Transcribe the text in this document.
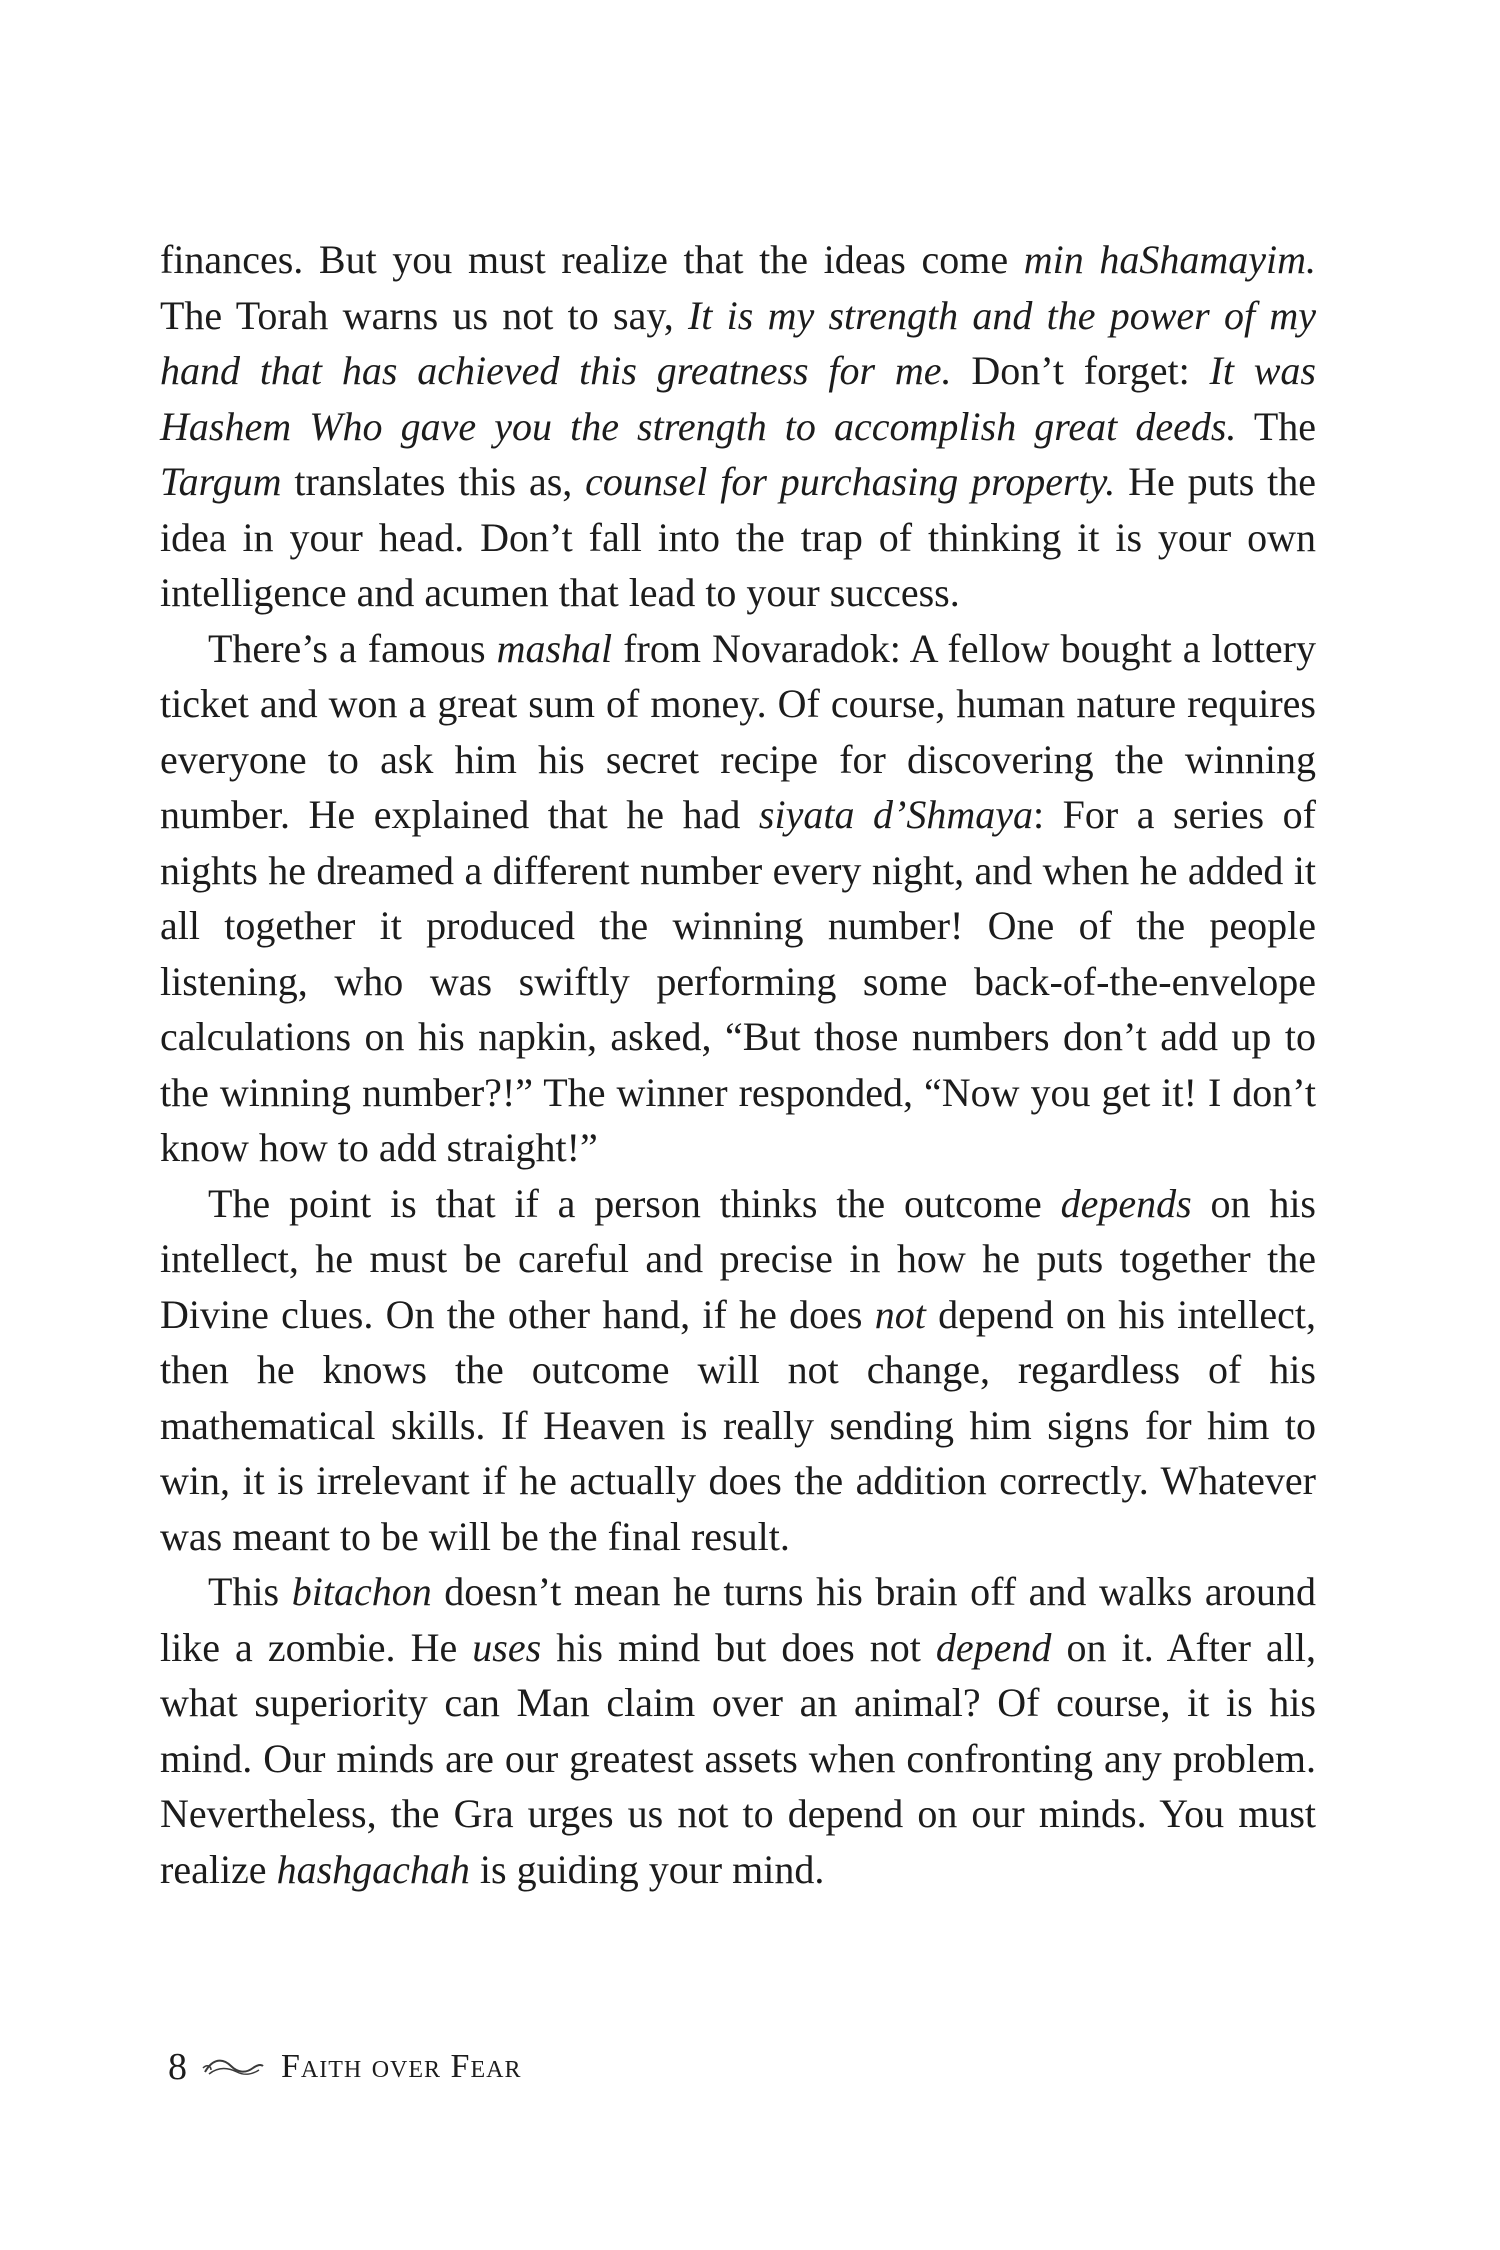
finances. But you must realize that the ideas come min haShamayim. The Torah warns us not to say, It is my strength and the power of my hand that has achieved this greatness for me. Don’t forget: It was Hashem Who gave you the strength to accomplish great deeds. The Targum translates this as, counsel for purchasing property. He puts the idea in your head. Don’t fall into the trap of thinking it is your own intelligence and acumen that lead to your success.

There’s a famous mashal from Novaradok: A fellow bought a lottery ticket and won a great sum of money. Of course, human nature requires everyone to ask him his secret recipe for discovering the winning number. He explained that he had siyata d’Shmaya: For a series of nights he dreamed a different number every night, and when he added it all together it produced the winning number! One of the people listening, who was swiftly performing some back-of-the-envelope calculations on his napkin, asked, “But those numbers don’t add up to the winning number?!” The winner responded, “Now you get it! I don’t know how to add straight!”

The point is that if a person thinks the outcome depends on his intellect, he must be careful and precise in how he puts together the Divine clues. On the other hand, if he does not depend on his intellect, then he knows the outcome will not change, regardless of his mathematical skills. If Heaven is really sending him signs for him to win, it is irrelevant if he actually does the addition correctly. Whatever was meant to be will be the final result.

This bitachon doesn’t mean he turns his brain off and walks around like a zombie. He uses his mind but does not depend on it. After all, what superiority can Man claim over an animal? Of course, it is his mind. Our minds are our greatest assets when confronting any problem. Nevertheless, the Gra urges us not to depend on our minds. You must realize hashgachah is guiding your mind.

8	Faith over Fear
